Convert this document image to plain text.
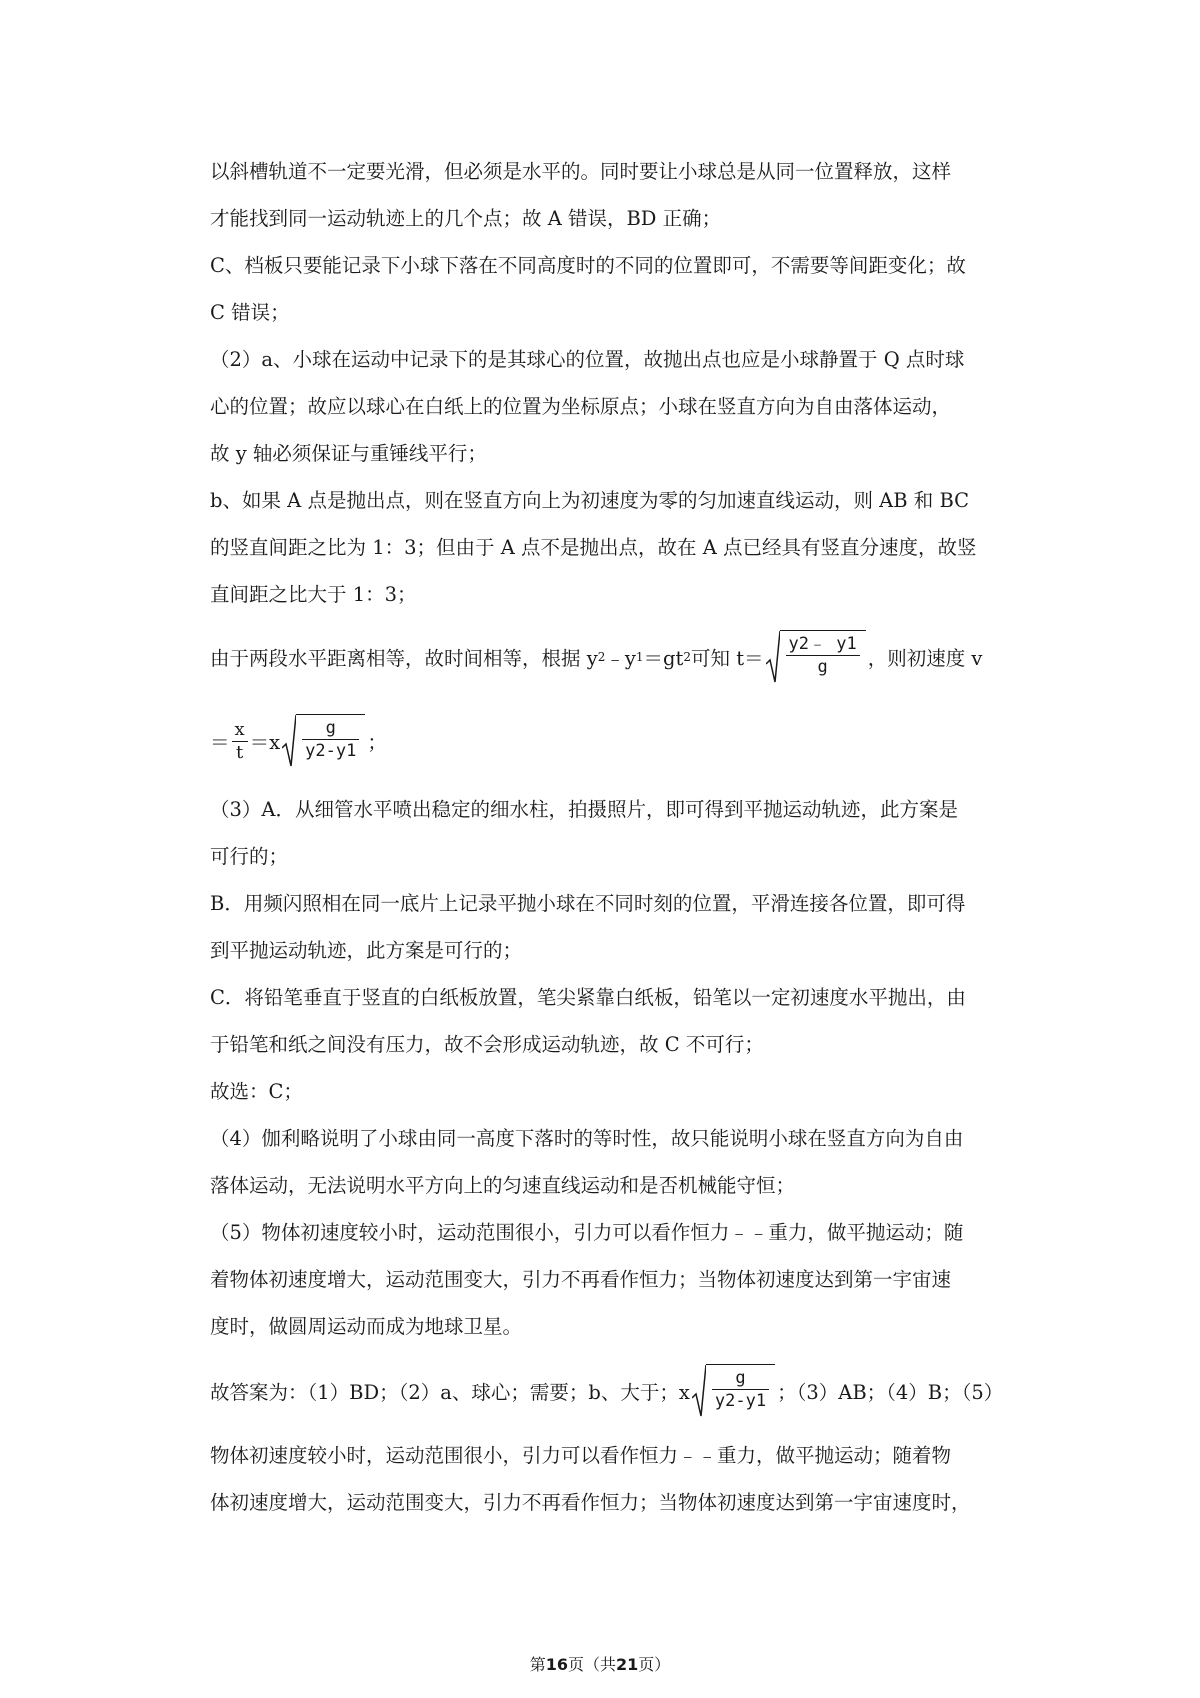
以斜槽轨道不一定要光滑，但必须是水平的。同时要让小球总是从同一位置释放，这样
才能找到同一运动轨迹上的几个点；故 A 错误，BD 正确；
C、档板只要能记录下小球下落在不同高度时的不同的位置即可，不需要等间距变化；故
C 错误；
（2）a、小球在运动中记录下的是其球心的位置，故抛出点也应是小球静置于 Q 点时球
心的位置；故应以球心在白纸上的位置为坐标原点；小球在竖直方向为自由落体运动，
故 y 轴必须保证与重锤线平行；
b、如果 A 点是抛出点，则在竖直方向上为初速度为零的匀加速直线运动，则 AB 和 BC
的竖直间距之比为 1：3；但由于 A 点不是抛出点，故在 A 点已经具有竖直分速度，故竖
直间距之比大于 1：3；
由于两段水平距离相等，故时间相等，根据 y 2 ﹣y 1 ＝gt 2 可知 $t= \frac{y2﹣ y1}{g}$ ，则初速度 v
＝ $\frac{x}{t} =x \frac{g}{y2-y1}$ ；
（3）A．从细管水平喷出稳定的细水柱，拍摄照片，即可得到平抛运动轨迹，此方案是
可行的；
B．用频闪照相在同一底片上记录平抛小球在不同时刻的位置，平滑连接各位置，即可得
到平抛运动轨迹，此方案是可行的；
C．将铅笔垂直于竖直的白纸板放置，笔尖紧靠白纸板，铅笔以一定初速度水平抛出，由
于铅笔和纸之间没有压力，故不会形成运动轨迹，故 C 不可行；
故选：C；
（4）伽利略说明了小球由同一高度下落时的等时性，故只能说明小球在竖直方向为自由
落体运动，无法说明水平方向上的匀速直线运动和是否机械能守恒；
（5）物体初速度较小时，运动范围很小，引力可以看作恒力﹣﹣重力，做平抛运动；随
着物体初速度增大，运动范围变大，引力不再看作恒力；当物体初速度达到第一宇宙速
度时，做圆周运动而成为地球卫星。
故答案为：（1）BD；（2）a、球心；需要；b、大于；x $\frac{g}{y2-y1}$ ；（3）AB；（4）B；（5）
物体初速度较小时，运动范围很小，引力可以看作恒力﹣﹣重力，做平抛运动；随着物
体初速度增大，运动范围变大，引力不再看作恒力；当物体初速度达到第一宇宙速度时，
第16页（共21页）
